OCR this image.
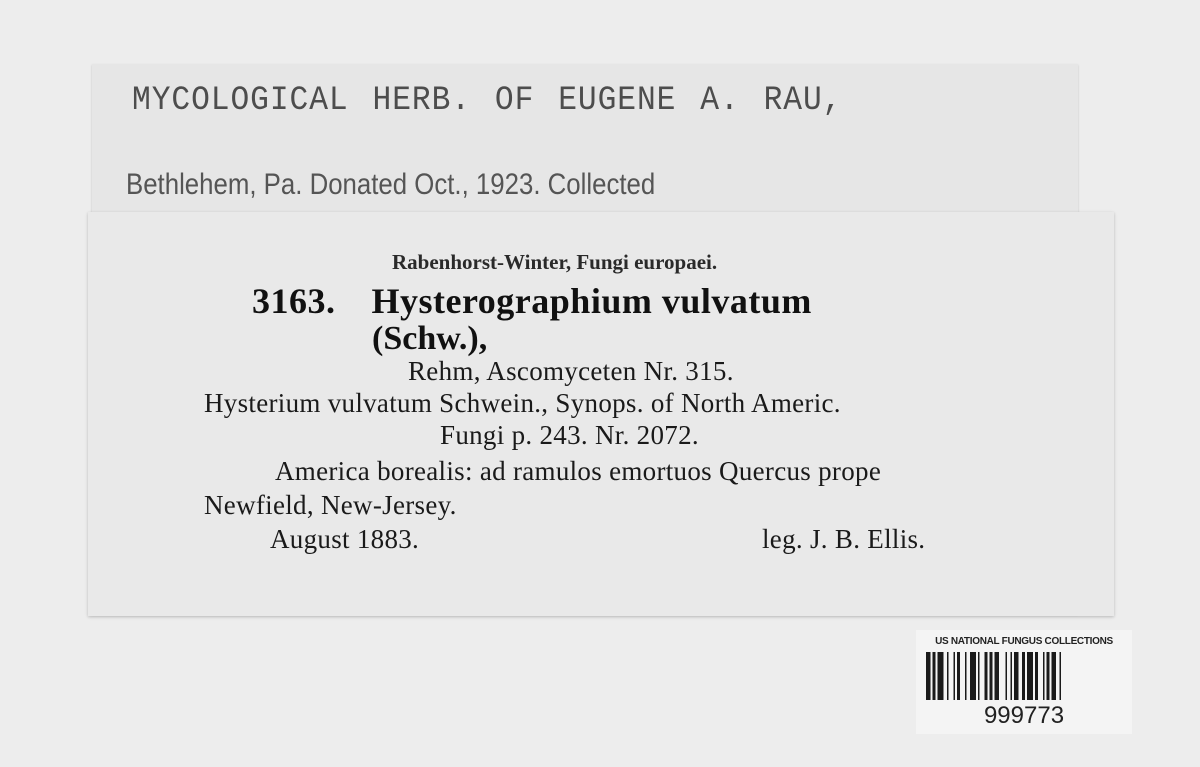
MYCOLOGICAL HERB. OF EUGENE A. RAU,
Bethlehem, Pa. Donated Oct., 1923. Collected
Rabenhorst-Winter, Fungi europaei.
3163. Hysterographium vulvatum
(Schw.),
Rehm, Ascomyceten Nr. 315.
Hysterium vulvatum Schwein., Synops. of North Americ.
Fungi p. 243. Nr. 2072.
America borealis: ad ramulos emortuos Quercus prope
Newfield, New-Jersey.
August 1883.	leg. J. B. Ellis.
US NATIONAL FUNGUS COLLECTIONS
999773
